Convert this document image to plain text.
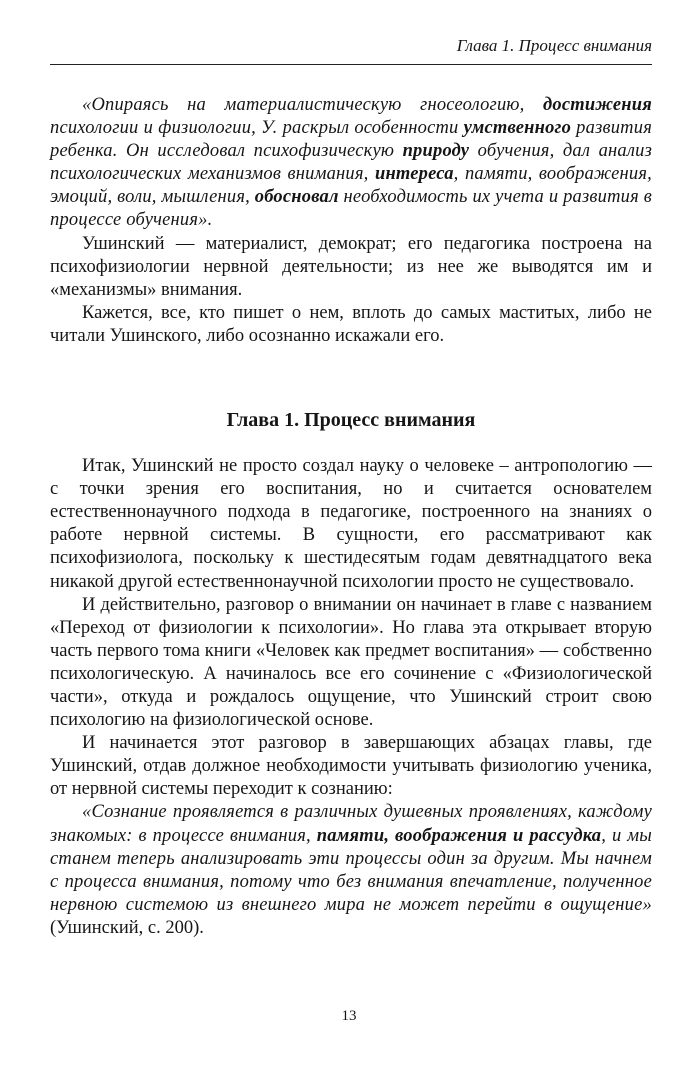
Глава 1. Процесс внимания

«Опираясь на материалистическую гносеологию, достижения психологии и физиологии, У. раскрыл особенности умственного развития ребенка. Он исследовал психофизическую природу обучения, дал анализ психологических механизмов внимания, интереса, памяти, воображения, эмоций, воли, мышления, обосновал необходимость их учета и развития в процессе обучения».

Ушинский — материалист, демократ; его педагогика построена на психофизиологии нервной деятельности; из нее же выводятся им и «механизмы» внимания.

Кажется, все, кто пишет о нем, вплоть до самых маститых, либо не читали Ушинского, либо осознанно искажали его.

Глава 1. Процесс внимания

Итак, Ушинский не просто создал науку о человеке – антропологию — с точки зрения его воспитания, но и считается основателем естественнонаучного подхода в педагогике, построенного на знаниях о работе нервной системы. В сущности, его рассматривают как психофизиолога, поскольку к шестидесятым годам девятнадцатого века никакой другой естественнонаучной психологии просто не существовало.

И действительно, разговор о внимании он начинает в главе с названием «Переход от физиологии к психологии». Но глава эта открывает вторую часть первого тома книги «Человек как предмет воспитания» — собственно психологическую. А начиналось все его сочинение с «Физиологической части», откуда и рождалось ощущение, что Ушинский строит свою психологию на физиологической основе.

И начинается этот разговор в завершающих абзацах главы, где Ушинский, отдав должное необходимости учитывать физиологию ученика, от нервной системы переходит к сознанию:

«Сознание проявляется в различных душевных проявлениях, каждому знакомых: в процессе внимания, памяти, воображения и рассудка, и мы станем теперь анализировать эти процессы один за другим. Мы начнем с процесса внимания, потому что без внимания впечатление, полученное нервною системою из внешнего мира не может перейти в ощущение» (Ушинский, с. 200).

13
